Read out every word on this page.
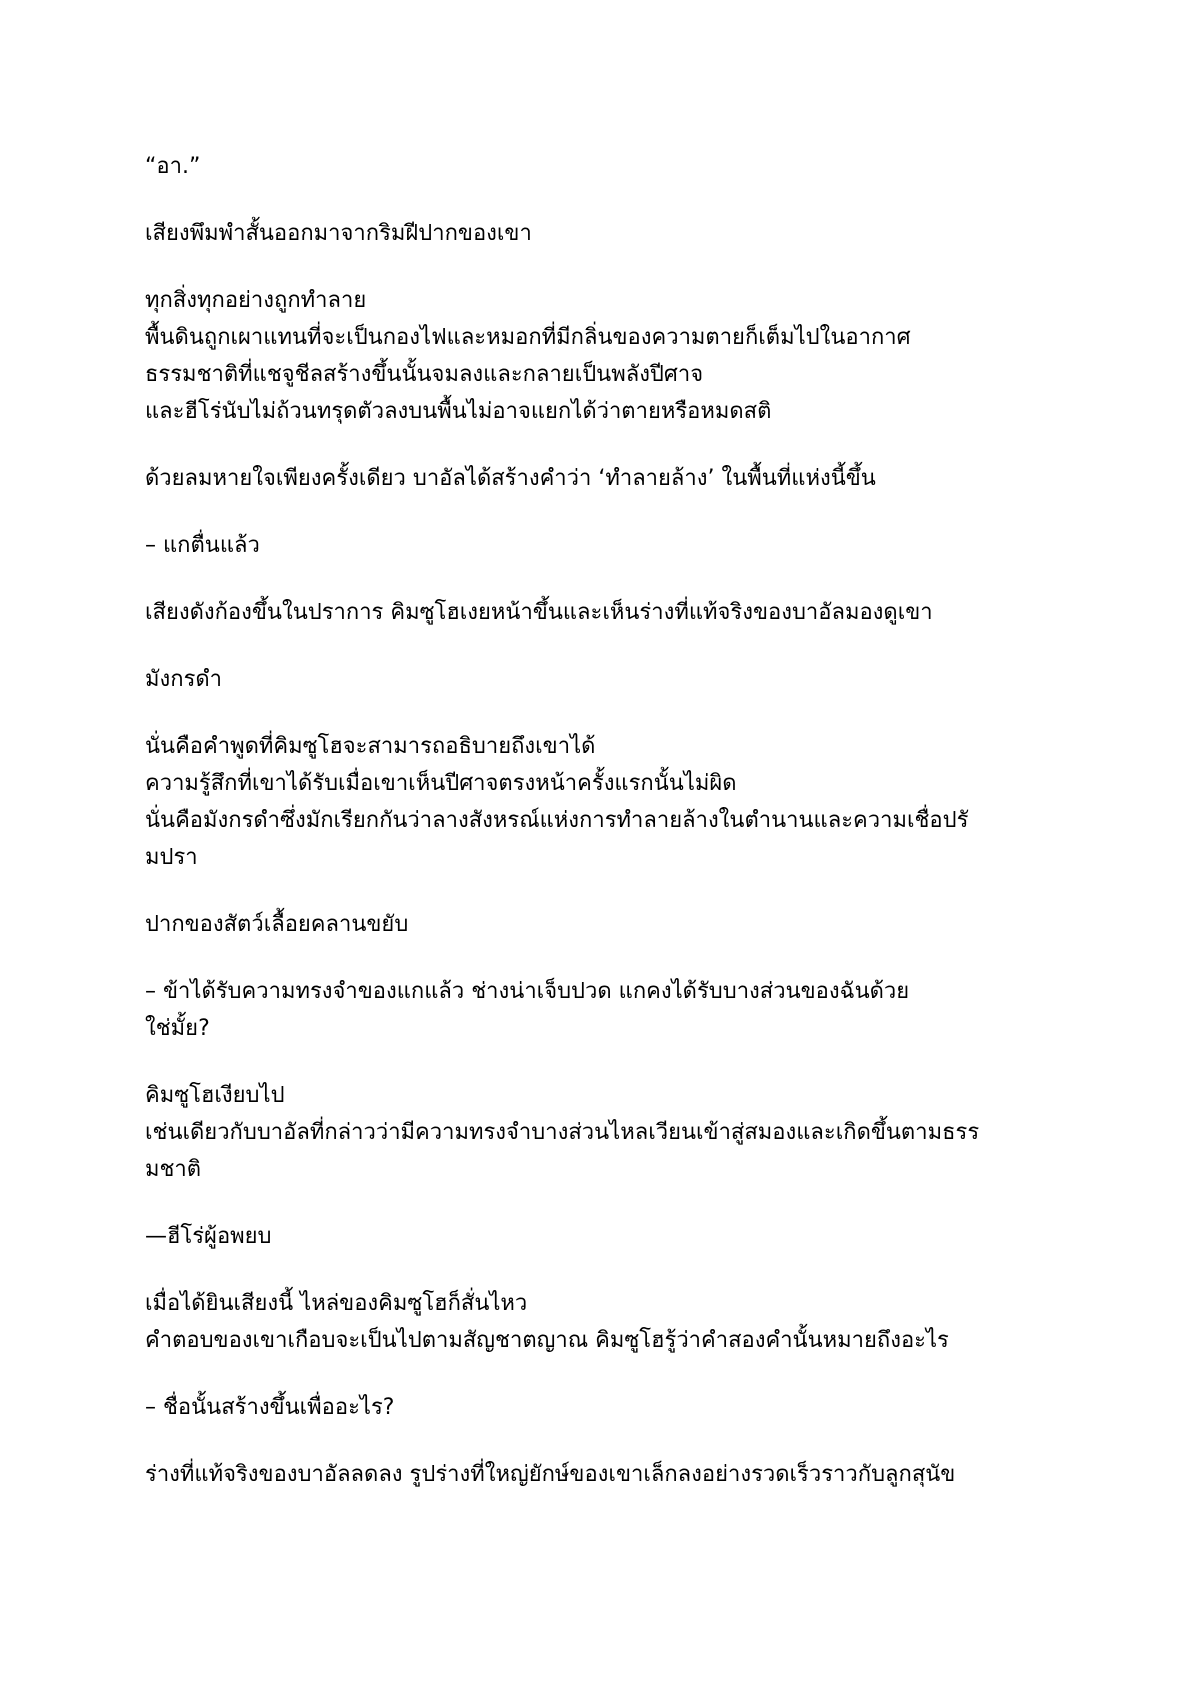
“อา.”
เสียงพึมพำสั้นออกมาจากริมฝีปากของเขา
ทุกสิ่งทุกอย่างถูกทำลาย
พื้นดินถูกเผาแทนที่จะเป็นกองไฟและหมอกที่มีกลิ่นของความตายก็เต็มไปในอากาศ
ธรรมชาติที่แชจูชีลสร้างขึ้นนั้นจมลงและกลายเป็นพลังปีศาจ
และฮีโร่นับไม่ถ้วนทรุดตัวลงบนพื้นไม่อาจแยกได้ว่าตายหรือหมดสติ
ด้วยลมหายใจเพียงครั้งเดียว บาอัลได้สร้างคำว่า ‘ทำลายล้าง’ ในพื้นที่แห่งนี้ขึ้น
– แกตื่นแล้ว
เสียงดังก้องขึ้นในปราการ คิมซูโฮเงยหน้าขึ้นและเห็นร่างที่แท้จริงของบาอัลมองดูเขา
มังกรดำ
นั่นคือคำพูดที่คิมซูโฮจะสามารถอธิบายถึงเขาได้
ความรู้สึกที่เขาได้รับเมื่อเขาเห็นปีศาจตรงหน้าครั้งแรกนั้นไม่ผิด
นั่นคือมังกรดำซึ่งมักเรียกกันว่าลางสังหรณ์แห่งการทำลายล้างในตำนานและความเชื่อปรั
มปรา
ปากของสัตว์เลื้อยคลานขยับ
– ข้าได้รับความทรงจำของแกแล้ว ช่างน่าเจ็บปวด แกคงได้รับบางส่วนของฉันด้วย
ใช่มั้ย?
คิมซูโฮเงียบไป
เช่นเดียวกับบาอัลที่กล่าวว่ามีความทรงจำบางส่วนไหลเวียนเข้าสู่สมองและเกิดขึ้นตามธรร
มชาติ
—ฮีโร่ผู้อพยบ
เมื่อได้ยินเสียงนี้ ไหล่ของคิมซูโฮก็สั่นไหว
คำตอบของเขาเกือบจะเป็นไปตามสัญชาตญาณ คิมซูโฮรู้ว่าคำสองคำนั้นหมายถึงอะไร
– ชื่อนั้นสร้างขึ้นเพื่ออะไร?
ร่างที่แท้จริงของบาอัลลดลง รูปร่างที่ใหญ่ยักษ์ของเขาเล็กลงอย่างรวดเร็วราวกับลูกสุนัข
